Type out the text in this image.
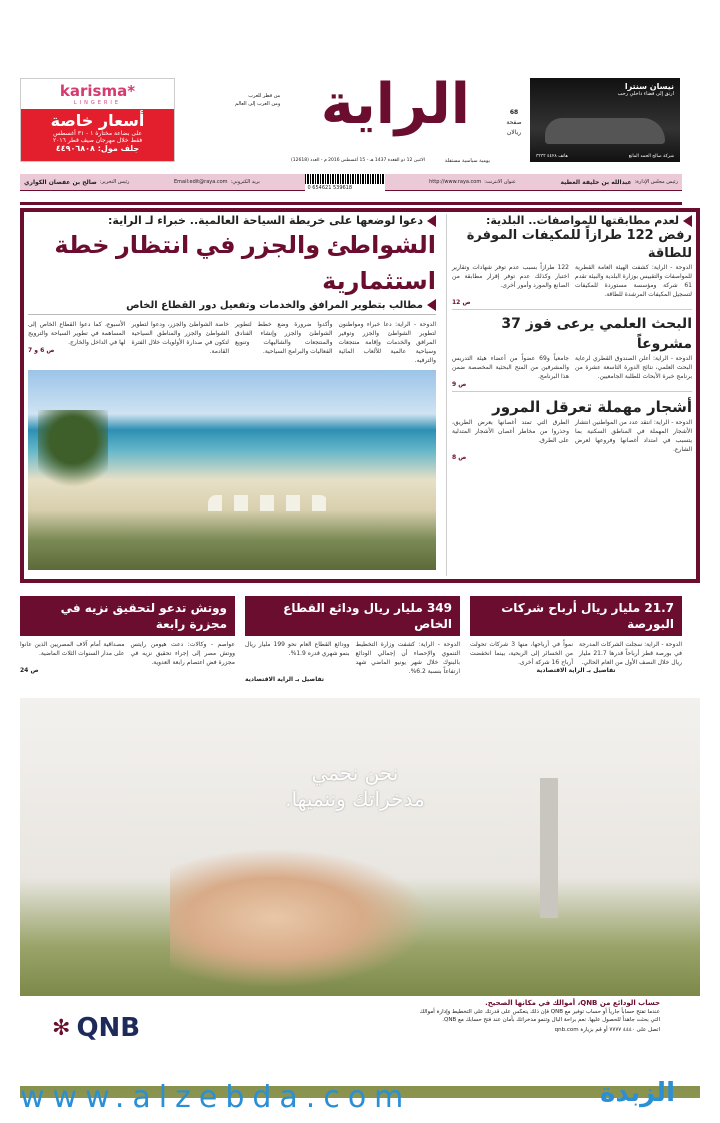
karisma*
LINGERIE
أسعار خاصة
على بضاعة مختارة ١ - ٣١ أغسطس
فقط خلال مهرجان صيف قطر ٢٠١٦
جلف مول: ٤٤٩٠٦٨٠٨
الراية
من قطر للعرب
ومن العرب إلى العالم
يومية سياسية مستقلة
الاثنين 12 ذو القعدة 1437 هـ - 15 أغسطس 2016 م - العدد (12618)
68
صفحة
ريالان
نيسان سنترا
ارتق إلى فضاء داخلي رحب
شركة صالح الحمد المانع
هاتف ٤٤٢٨ ٣٣٣٣
رئيس مجلس الإدارة:
عبدالله بن خليفة العطية
عنوان الانترنت:
http://www.raya.com
0 654621 539618
بريد الكتروني:
Email:edit@raya.com
رئيس التحرير:
صالح بن عفصان الكواري
دعوا لوضعها على خريطة السياحة العالمية.. خبراء لـ الراية:
الشواطئ والجزر في انتظار خطة استثمارية
مطالب بتطوير المرافق والخدمات وتفعيل دور القطاع الخاص
الدوحة - الراية: دعا خبراء ومواطنون لتطوير الشواطئ والجزر وتوفير المرافق والخدمات وإقامة منتجعات وسياحية عالمية للألعاب المائية والترفيه.
وأكدوا ضرورة وضع خطط لتطوير الشواطئ والجزر وإنشاء الفنادق والمنتجعات والشاليهات وتنويع الفعاليات والبرامج السياحية.
خاصة الشواطئ والجزر، ودعوا لتطوير الشواطئ والجزر والمناطق السياحية لتكون في صدارة الأولويات خلال الفترة القادمة.
الأسبوع، كما دعوا القطاع الخاص إلى المساهمة في تطوير السياحة والترويج لها في الداخل والخارج.
ص 6 و 7
لعدم مطابقتها للمواصفات.. البلدية:
رفض 122 طرازاً للمكيفات الموفرة للطاقة
الدوحة - الراية: كشفت الهيئة العامة القطرية للمواصفات والتقييس بوزارة البلدية والبيئة تقدم 61 شركة ومؤسسة مستوردة للمكيفات لتسجيل المكيفات المرشدة للطاقة.
122 طرازاً بسبب عدم توفر شهادات وتقارير اختبار وكذلك عدم توفر إقرار مطابقة من الصانع والمورد وأمور أخرى.
ص 12
البحث العلمي يرعى فوز 37 مشروعاً
الدوحة - الراية: أعلن الصندوق القطري لرعاية البحث العلمي، نتائج الدورة التاسعة عشرة من برنامج خبرة الأبحاث للطلبة الجامعيين.
جامعياً و69 عضواً من أعضاء هيئة التدريس والمشرفين من المنح البحثية المخصصة ضمن هذا البرنامج.
ص 9
أشجار مهملة تعرقل المرور
الدوحة - الراية: انتقد عدد من المواطنين انتشار الأشجار المهملة في المناطق السكنية بما يتسبب في امتداد أغصانها وفروعها لعرض الشارع.
الطرق التي تمتد أغصانها بعرض الطريق، وحذروا من مخاطر أغصان الأشجار المتدلية على الطرق.
ص 8
21.7 مليار ريال أرباح شركات البورصة
الدوحة - الراية: سجلت الشركات المدرجة في بورصة قطر أرباحاً قدرها 21.7 مليار ريال خلال النصف الأول من العام الحالي.
نمواً في أرباحها، منها 3 شركات تحولت من الخسائر إلى الربحية، بينما انخفضت أرباح 16 شركة أخرى.
تفاصيل بـ الراية الاقتصادية
349 مليار ريال ودائع القطاع الخاص
الدوحة - الراية: كشفت وزارة التخطيط التنموي والإحصاء أن إجمالي الودائع بالبنوك خلال شهر يونيو الماضي شهد ارتفاعاً بنسبة 6.2%.
وودائع القطاع العام نحو 199 مليار ريال بنمو شهري قدره 1.9%.
تفاصيل بـ الراية الاقتصادية
ووتش تدعو لتحقيق نزيه في مجزرة رابعة
عواصم - وكالات: دعت هيومن رايتس ووتش مصر إلى إجراء تحقيق نزيه في مجزرة فض اعتصام رابعة العدوية.
مصداقية أمام آلاف المصريين الذين عانوا على مدار السنوات الثلاث الماضية.
ص 24
نحن نحمي مدخراتك وننميها.
✻ QNB
حساب الودائع من QNB، أموالك في مكانها الصحيح.
عندما تفتح حساباً جارياً أو حساب توفير مع QNB فإن ذلك ينعكس على قدرتك على التخطيط وإدارة أموالك التي بحثت جاهداً للحصول عليها. نعم براحة البال وتنمو مدخراتك بأمان عند فتح حسابك مع QNB.
اتصل على ٤٤٤٠ ٧٧٧٧ أو قم بزيارة qnb.com
www.alzebda.com	الزبدة
